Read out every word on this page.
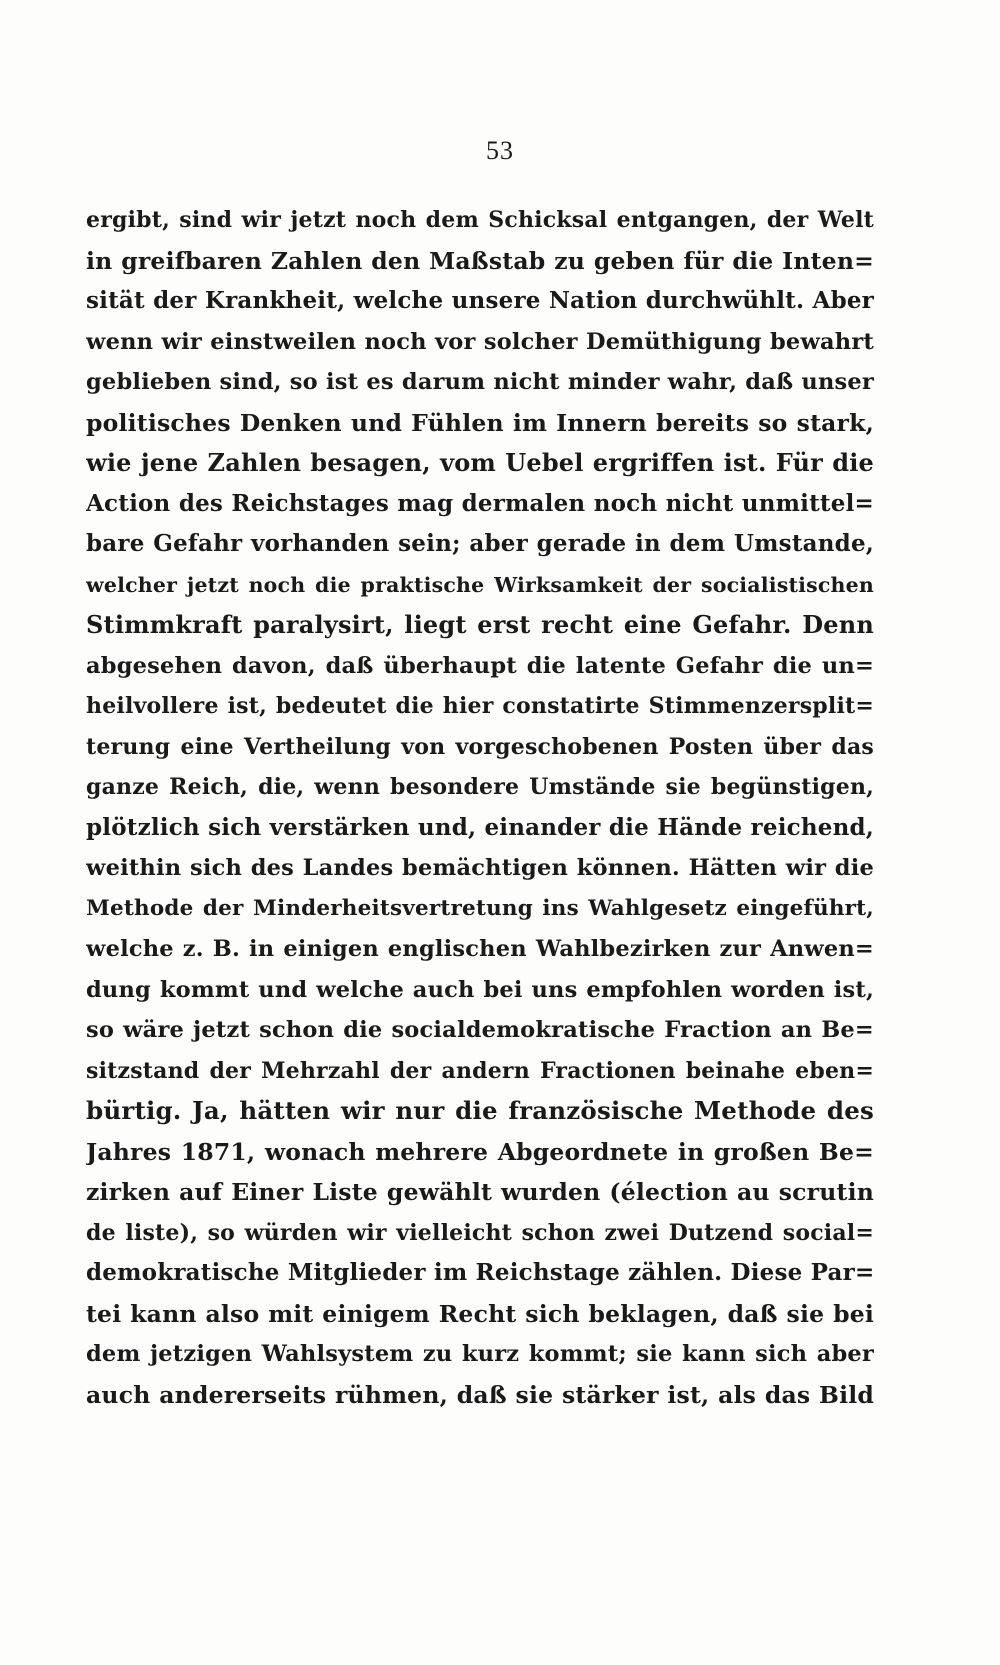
53
ergibt, sind wir jetzt noch dem Schicksal entgangen, der Welt
in greifbaren Zahlen den Maßstab zu geben für die Inten=
sität der Krankheit, welche unsere Nation durchwühlt. Aber
wenn wir einstweilen noch vor solcher Demüthigung bewahrt
geblieben sind, so ist es darum nicht minder wahr, daß unser
politisches Denken und Fühlen im Innern bereits so stark,
wie jene Zahlen besagen, vom Uebel ergriffen ist. Für die
Action des Reichstages mag dermalen noch nicht unmittel=
bare Gefahr vorhanden sein; aber gerade in dem Umstande,
welcher jetzt noch die praktische Wirksamkeit der socialistischen
Stimmkraft paralysirt, liegt erst recht eine Gefahr. Denn
abgesehen davon, daß überhaupt die latente Gefahr die un=
heilvollere ist, bedeutet die hier constatirte Stimmenzersplit=
terung eine Vertheilung von vorgeschobenen Posten über das
ganze Reich, die, wenn besondere Umstände sie begünstigen,
plötzlich sich verstärken und, einander die Hände reichend,
weithin sich des Landes bemächtigen können. Hätten wir die
Methode der Minderheitsvertretung ins Wahlgesetz eingeführt,
welche z. B. in einigen englischen Wahlbezirken zur Anwen=
dung kommt und welche auch bei uns empfohlen worden ist,
so wäre jetzt schon die socialdemokratische Fraction an Be=
sitzstand der Mehrzahl der andern Fractionen beinahe eben=
bürtig. Ja, hätten wir nur die französische Methode des
Jahres 1871, wonach mehrere Abgeordnete in großen Be=
zirken auf Einer Liste gewählt wurden (élection au scrutin
de liste), so würden wir vielleicht schon zwei Dutzend social=
demokratische Mitglieder im Reichstage zählen. Diese Par=
tei kann also mit einigem Recht sich beklagen, daß sie bei
dem jetzigen Wahlsystem zu kurz kommt; sie kann sich aber
auch andererseits rühmen, daß sie stärker ist, als das Bild
